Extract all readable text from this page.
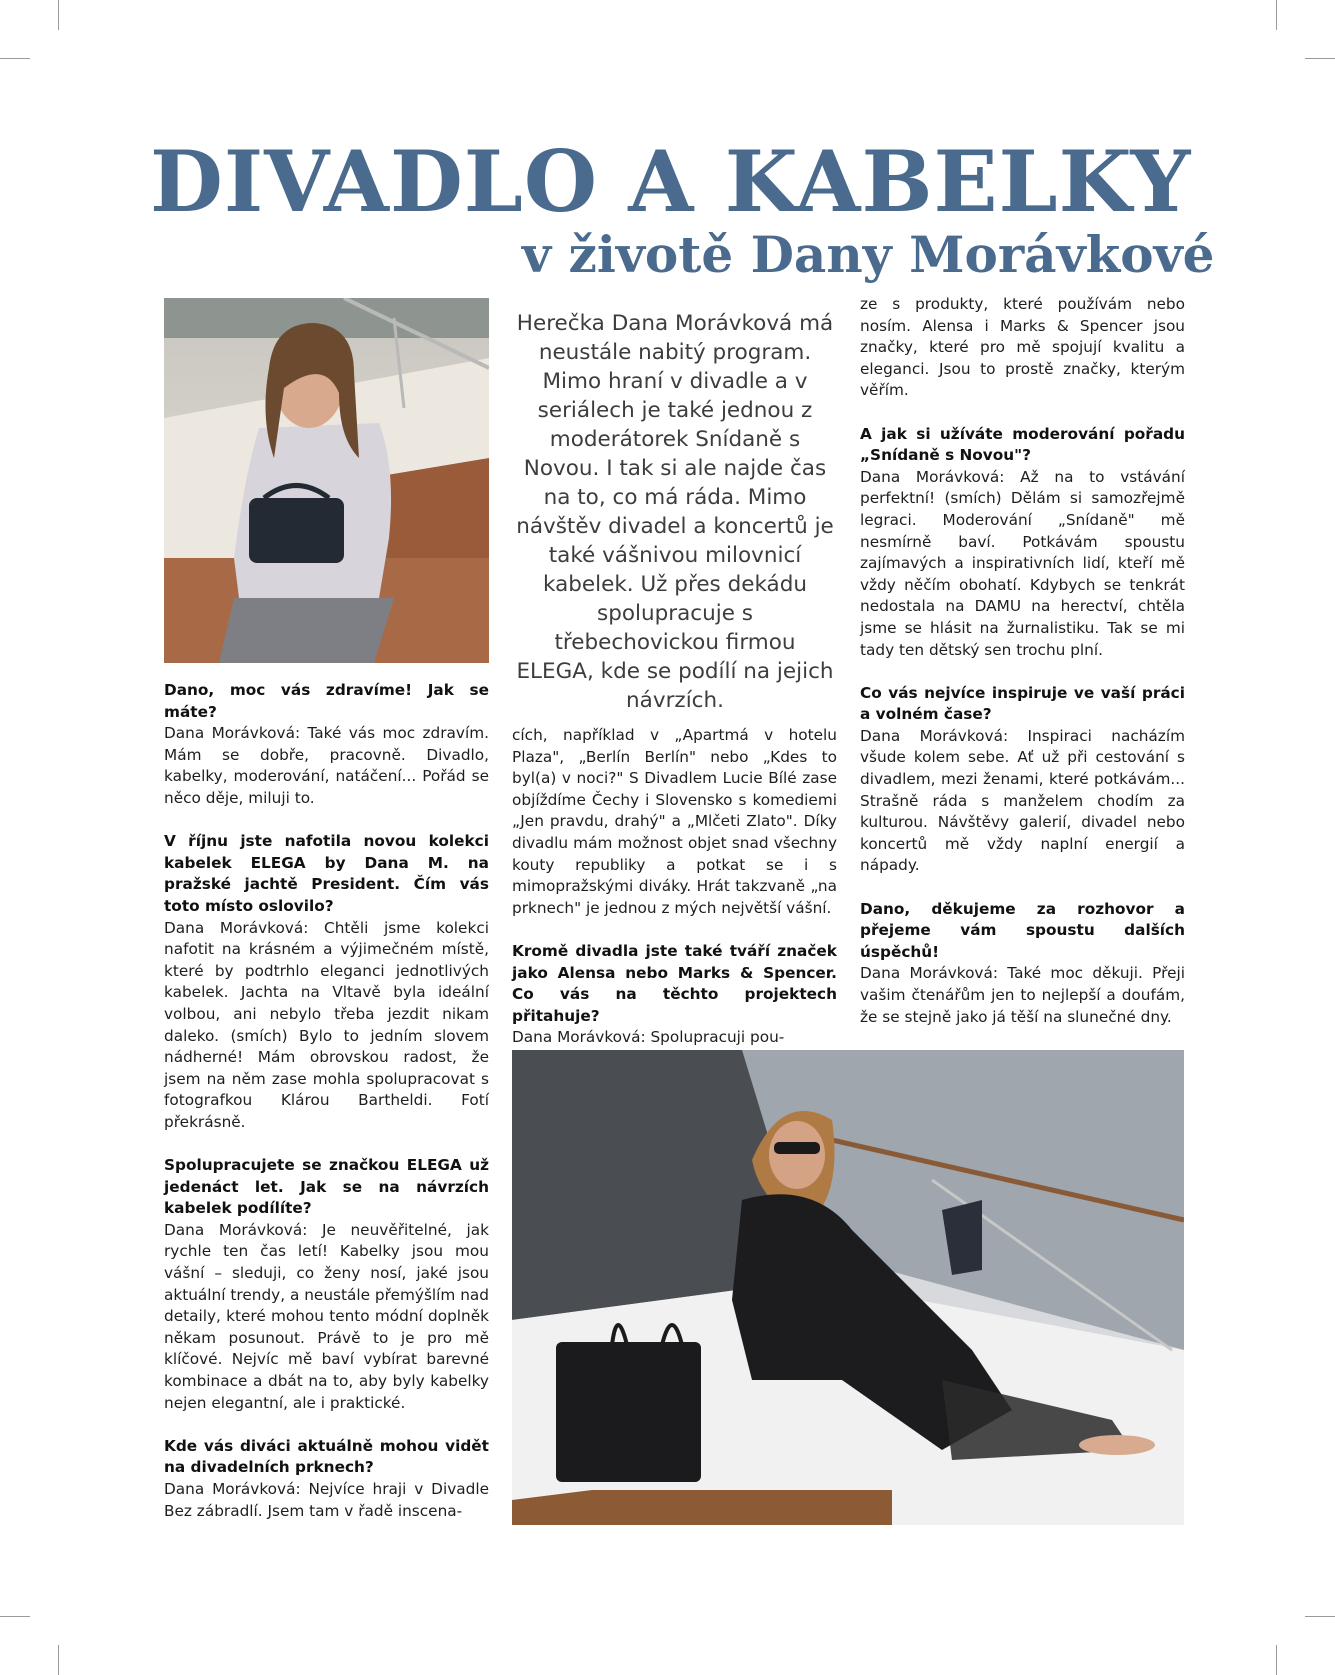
DIVADLO A KABELKY
v životě Dany Morávkové

Dano, moc vás zdravíme! Jak se máte?
Dana Morávková: Také vás moc zdravím. Mám se dobře, pracovně. Divadlo, kabelky, moderování, natáčení... Pořád se něco děje, miluji to.

V říjnu jste nafotila novou kolekci kabelek ELEGA by Dana M. na pražské jachtě President. Čím vás toto místo oslovilo?
Dana Morávková: Chtěli jsme kolekci nafotit na krásném a výjimečném místě, které by podtrhlo eleganci jednotlivých kabelek. Jachta na Vltavě byla ideální volbou, ani nebylo třeba jezdit nikam daleko. (smích) Bylo to jedním slovem nádherné! Mám obrovskou radost, že jsem na něm zase mohla spolupracovat s fotografkou Klárou Bartheldi. Fotí překrásně.

Spolupracujete se značkou ELEGA už jedenáct let. Jak se na návrzích kabelek podílíte?
Dana Morávková: Je neuvěřitelné, jak rychle ten čas letí! Kabelky jsou mou vášní – sleduji, co ženy nosí, jaké jsou aktuální trendy, a neustále přemýšlím nad detaily, které mohou tento módní doplněk někam posunout. Právě to je pro mě klíčové. Nejvíc mě baví vybírat barevné kombinace a dbát na to, aby byly kabelky nejen elegantní, ale i praktické.

Kde vás diváci aktuálně mohou vidět na divadelních prknech?
Dana Morávková: Nejvíce hraji v Divadle Bez zábradlí. Jsem tam v řadě inscena-

Herečka Dana Morávková má neustále nabitý program. Mimo hraní v divadle a v seriálech je také jednou z moderátorek Snídaně s Novou. I tak si ale najde čas na to, co má ráda. Mimo návštěv divadel a koncertů je také vášnivou milovnicí kabelek. Už přes dekádu spolupracuje s třebechovickou firmou ELEGA, kde se podílí na jejich návrzích.

cích, například v „Apartmá v hotelu Plaza", „Berlín Berlín" nebo „Kdes to byl(a) v noci?" S Divadlem Lucie Bílé zase objíždíme Čechy i Slovensko s komediemi „Jen pravdu, drahý" a „Mlčeti Zlato". Díky divadlu mám možnost objet snad všechny kouty republiky a potkat se i s mimopražskými diváky. Hrát takzvaně „na prknech" je jednou z mých největší vášní.

Kromě divadla jste také tváří značek jako Alensa nebo Marks & Spencer. Co vás na těchto projektech přitahuje?
Dana Morávková: Spolupracuji pou-

ze s produkty, které používám nebo nosím. Alensa i Marks & Spencer jsou značky, které pro mě spojují kvalitu a eleganci. Jsou to prostě značky, kterým věřím.

A jak si užíváte moderování pořadu „Snídaně s Novou"?
Dana Morávková: Až na to vstávání perfektní! (smích) Dělám si samozřejmě legraci. Moderování „Snídaně" mě nesmírně baví. Potkávám spoustu zajímavých a inspirativních lidí, kteří mě vždy něčím obohatí. Kdybych se tenkrát nedostala na DAMU na herectví, chtěla jsme se hlásit na žurnalistiku. Tak se mi tady ten dětský sen trochu plní.

Co vás nejvíce inspiruje ve vaší práci a volném čase?
Dana Morávková: Inspiraci nacházím všude kolem sebe. Ať už při cestování s divadlem, mezi ženami, které potkávám... Strašně ráda s manželem chodím za kulturou. Návštěvy galerií, divadel nebo koncertů mě vždy naplní energií a nápady.

Dano, děkujeme za rozhovor a přejeme vám spoustu dalších úspěchů!
Dana Morávková: Také moc děkuji. Přeji vašim čtenářům jen to nejlepší a doufám, že se stejně jako já těší na slunečné dny.
